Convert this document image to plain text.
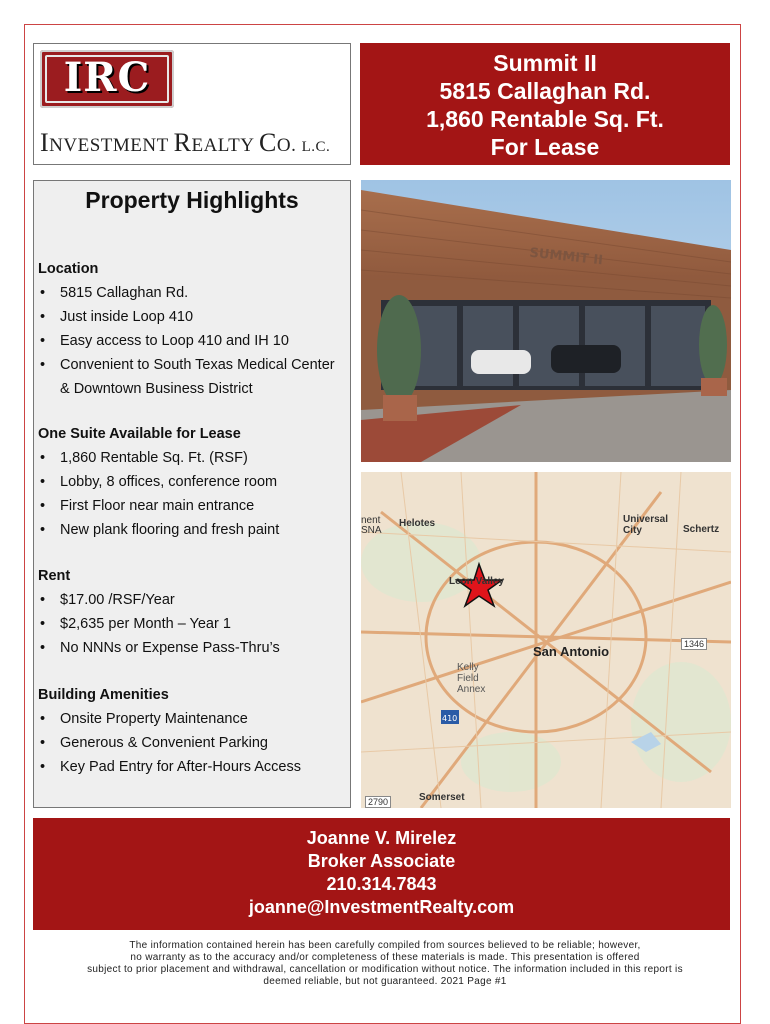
IRC
INVESTMENT REALTY CO. L.C.
Summit II
5815 Callaghan Rd.
1,860 Rentable Sq. Ft.
For Lease
Property Highlights
Location
• 5815 Callaghan Rd.
• Just inside Loop 410
• Easy access to Loop 410 and IH 10
• Convenient to South Texas Medical Center
& Downtown Business District
One Suite Available for Lease
• 1,860 Rentable Sq. Ft. (RSF)
• Lobby, 8 offices, conference room
• First Floor near main entrance
• New plank flooring and fresh paint
Rent
• $17.00 /RSF/Year
• $2,635 per Month – Year 1
• No NNNs or Expense Pass-Thru’s
Building Amenities
• Onsite Property Maintenance
• Generous & Convenient Parking
• Key Pad Entry for After-Hours Access
SUMMIT II
410
nent SNA
Helotes	Universal City	Schertz
Leon Valley
San Antonio
Kelly Field Annex
Somerset
1346
2790
Joanne V. Mirelez
Broker Associate
210.314.7843
joanne@InvestmentRealty.com
The information contained herein has been carefully compiled from sources believed to be reliable; however,
no warranty as to the accuracy and/or completeness of these materials is made. This presentation is offered
subject to prior placement and withdrawal, cancellation or modification without notice. The information included in this report is
deemed reliable, but not guaranteed. 2021 Page #1
